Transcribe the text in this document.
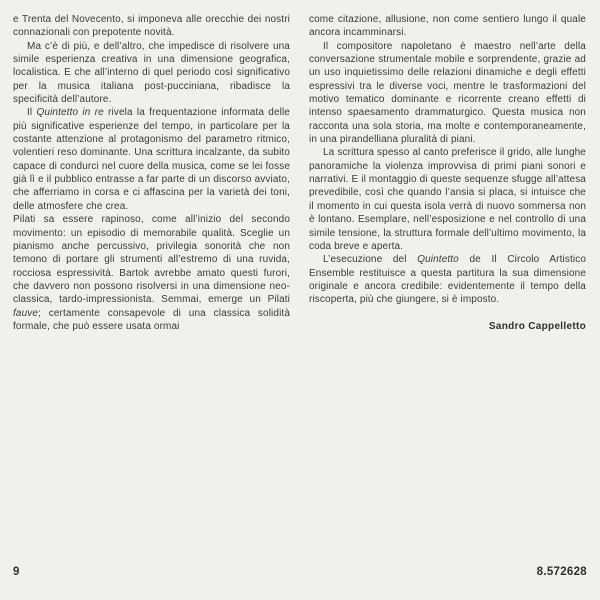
e Trenta del Novecento, si imponeva alle orecchie dei nostri connazionali con prepotente novità.

Ma c’è di più, e dell’altro, che impedisce di risolvere una simile esperienza creativa in una dimensione geografica, localistica. E che all’interno di quel periodo così significativo per la musica italiana post-pucciniana, ribadisce la specificità dell’autore.

Il Quintetto in re rivela la frequentazione informata delle più significative esperienze del tempo, in particolare per la costante attenzione al protagonismo del parametro ritmico, volentieri reso dominante. Una scrittura incalzante, da subito capace di condurci nel cuore della musica, come se lei fosse già lì e il pubblico entrasse a far parte di un discorso avviato, che afferriamo in corsa e ci affascina per la varietà dei toni, delle atmosfere che crea.

Pilati sa essere rapinoso, come all’inizio del secondo movimento: un episodio di memorabile qualità. Sceglie un pianismo anche percussivo, privilegia sonorità che non temono di portare gli strumenti all’estremo di una ruvida, rocciosa espressività. Bartok avrebbe amato questi furori, che davvero non possono risolversi in una dimensione neo-classica, tardo-impressionista. Semmai, emerge un Pilati fauve; certamente consapevole di una classica solidità formale, che può essere usata ormai

come citazione, allusione, non come sentiero lungo il quale ancora incamminarsi.

Il compositore napoletano è maestro nell’arte della conversazione strumentale mobile e sorprendente, grazie ad un uso inquietissimo delle relazioni dinamiche e degli effetti espressivi tra le diverse voci, mentre le trasformazioni del motivo tematico dominante e ricorrente creano effetti di intenso spaesamento drammaturgico. Questa musica non racconta una sola storia, ma molte e contemporaneamente, in una pirandelliana pluralità di piani.

La scrittura spesso al canto preferisce il grido, alle lunghe panoramiche la violenza improvvisa di primi piani sonori e narrativi. E il montaggio di queste sequenze sfugge all’attesa prevedibile, così che quando l’ansia si placa, si intuisce che il momento in cui questa isola verrà di nuovo sommersa non è lontano. Esemplare, nell’esposizione e nel controllo di una simile tensione, la struttura formale dell’ultimo movimento, la coda breve e aperta.

L’esecuzione del Quintetto de Il Circolo Artistico Ensemble restituisce a questa partitura la sua dimensione originale e ancora credibile: evidentemente il tempo della riscoperta, più che giungere, si è imposto.

Sandro Cappelletto

9	8.572628
